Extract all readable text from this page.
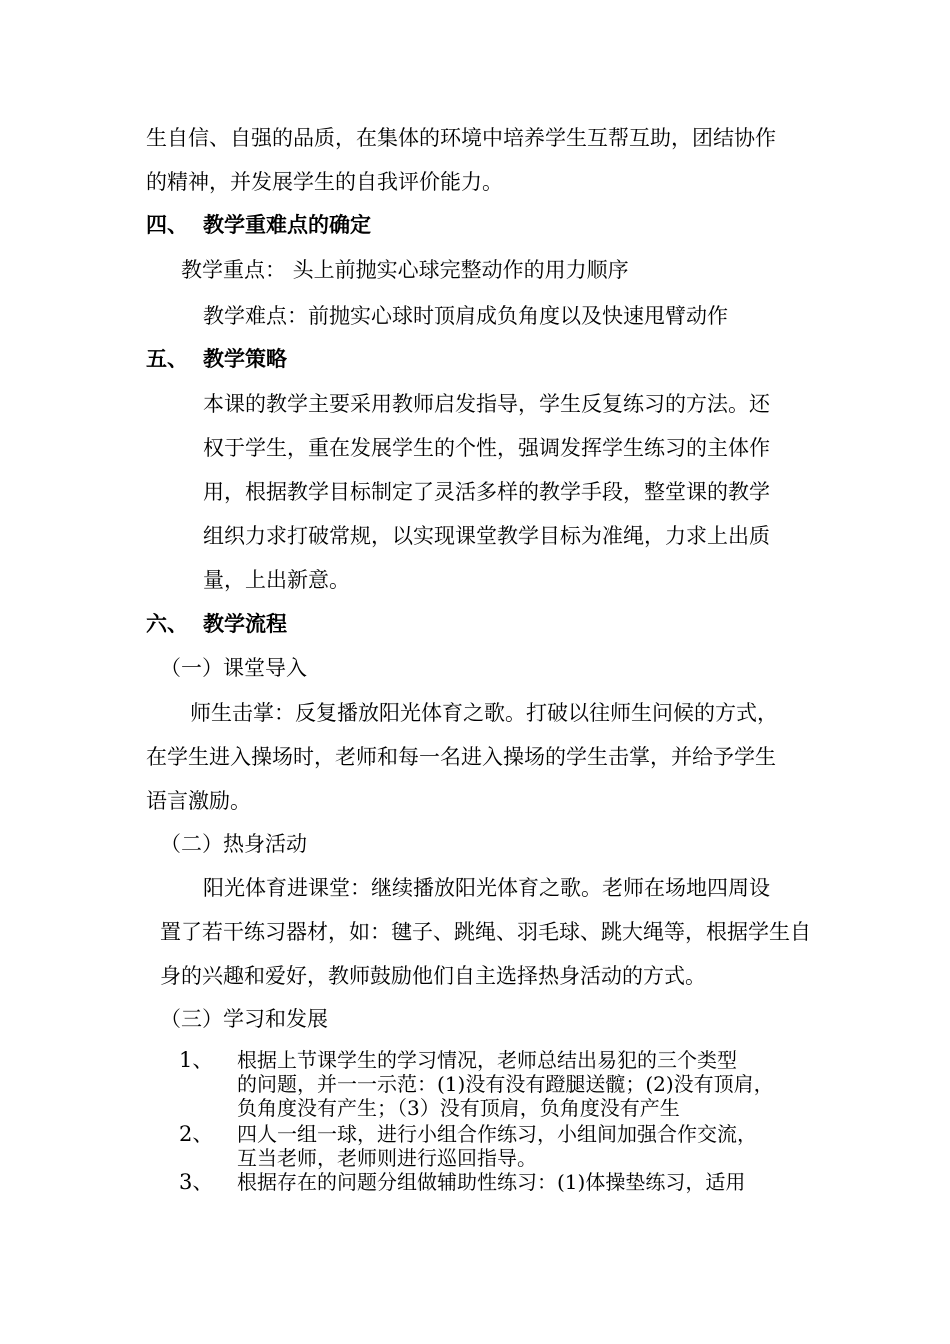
生自信、自强的品质，在集体的环境中培养学生互帮互助，团结协作
的精神，并发展学生的自我评价能力。
四、 教学重难点的确定
教学重点： 头上前抛实心球完整动作的用力顺序
教学难点：前抛实心球时顶肩成负角度以及快速甩臂动作
五、 教学策略
本课的教学主要采用教师启发指导，学生反复练习的方法。还
权于学生，重在发展学生的个性，强调发挥学生练习的主体作
用，根据教学目标制定了灵活多样的教学手段，整堂课的教学
组织力求打破常规，以实现课堂教学目标为准绳，力求上出质
量，上出新意。
六、 教学流程
（一）课堂导入
师生击掌：反复播放阳光体育之歌。打破以往师生问候的方式，
在学生进入操场时，老师和每一名进入操场的学生击掌，并给予学生
语言激励。
（二）热身活动
阳光体育进课堂：继续播放阳光体育之歌。老师在场地四周设
置了若干练习器材，如：毽子、跳绳、羽毛球、跳大绳等，根据学生自
身的兴趣和爱好，教师鼓励他们自主选择热身活动的方式。
（三）学习和发展
1、 根据上节课学生的学习情况，老师总结出易犯的三个类型
的问题，并一一示范：(1)没有没有蹬腿送髋；(2)没有顶肩，
负角度没有产生；（3）没有顶肩，负角度没有产生
2、 四人一组一球，进行小组合作练习，小组间加强合作交流，
互当老师，老师则进行巡回指导。
3、 根据存在的问题分组做辅助性练习：(1)体操垫练习，适用
